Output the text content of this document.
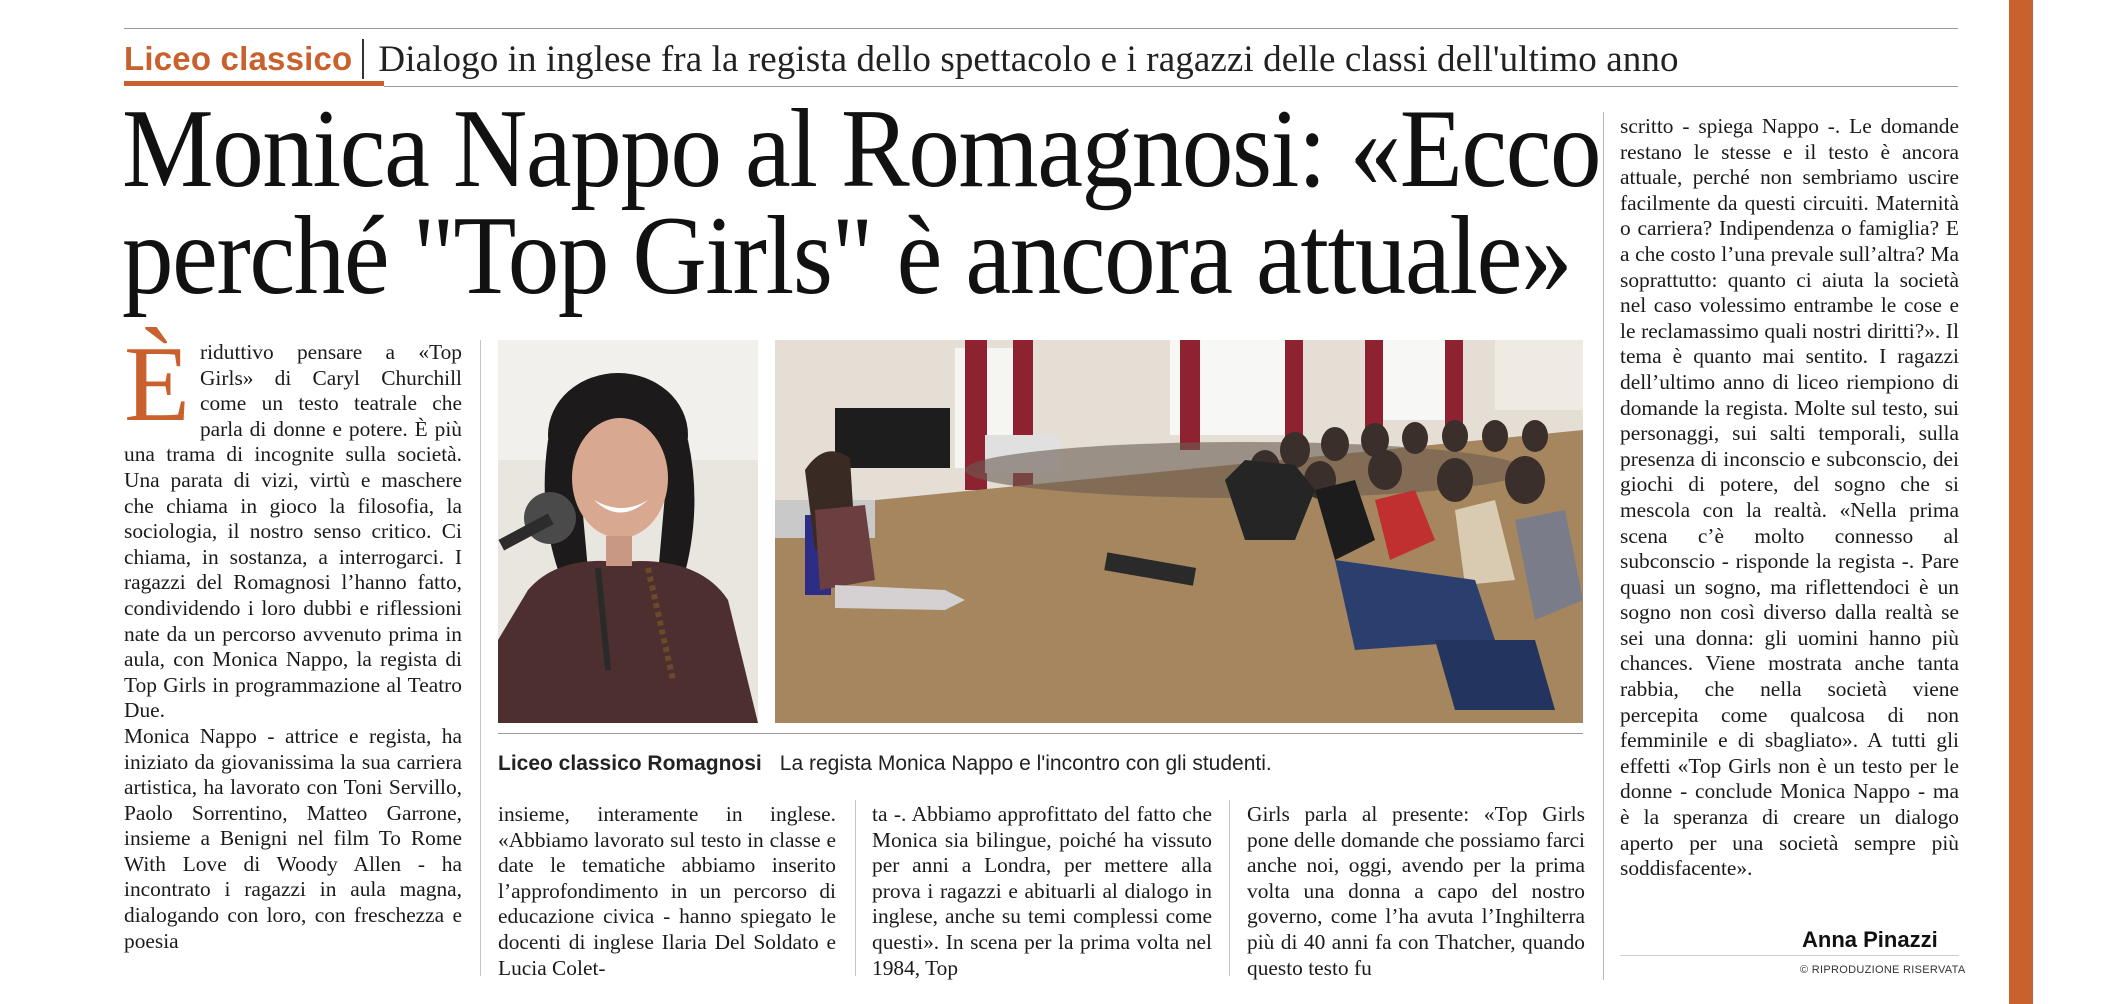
Liceo classico Dialogo in inglese fra la regista dello spettacolo e i ragazzi delle classi dell'ultimo anno
Monica Nappo al Romagnosi: «Ecco
perché "Top Girls" è ancora attuale»

È riduttivo pensare a «Top Girls» di Caryl Churchill come un testo teatrale che parla di donne e potere. È più una trama di incognite sulla società. Una parata di vizi, virtù e maschere che chiama in gioco la filosofia, la sociologia, il nostro senso critico. Ci chiama, in sostanza, a interrogarci. I ragazzi del Romagnosi l’hanno fatto, condividendo i loro dubbi e riflessioni nate da un percorso avvenuto prima in aula, con Monica Nappo, la regista di Top Girls in programmazione al Teatro Due.

Monica Nappo - attrice e regista, ha iniziato da giovanissima la sua carriera artistica, ha lavorato con Toni Servillo, Paolo Sorrentino, Matteo Garrone, insieme a Benigni nel film To Rome With Love di Woody Allen - ha incontrato i ragazzi in aula magna, dialogando con loro, con freschezza e poesia

Liceo classico Romagnosi La regista Monica Nappo e l'incontro con gli studenti.
insieme, interamente in inglese. «Abbiamo lavorato sul testo in classe e date le tematiche abbiamo inserito l’approfondimento in un percorso di educazione civica - hanno spiegato le docenti di inglese Ilaria Del Soldato e Lucia Colet-
ta -. Abbiamo approfittato del fatto che Monica sia bilingue, poiché ha vissuto per anni a Londra, per mettere alla prova i ragazzi e abituarli al dialogo in inglese, anche su temi complessi come questi». In scena per la prima volta nel 1984, Top
Girls parla al presente: «Top Girls pone delle domande che possiamo farci anche noi, oggi, avendo per la prima volta una donna a capo del nostro governo, come l’ha avuta l’Inghilterra più di 40 anni fa con Thatcher, quando questo testo fu
scritto - spiega Nappo -. Le domande restano le stesse e il testo è ancora attuale, perché non sembriamo uscire facilmente da questi circuiti. Maternità o carriera? Indipendenza o famiglia? E a che costo l’una prevale sull’altra? Ma soprattutto: quanto ci aiuta la società nel caso volessimo entrambe le cose e le reclamassimo quali nostri diritti?». Il tema è quanto mai sentito. I ragazzi dell’ultimo anno di liceo riempiono di domande la regista. Molte sul testo, sui personaggi, sui salti temporali, sulla presenza di inconscio e subconscio, dei giochi di potere, del sogno che si mescola con la realtà. «Nella prima scena c’è molto connesso al subconscio - risponde la regista -. Pare quasi un sogno, ma riflettendoci è un sogno non così diverso dalla realtà se sei una donna: gli uomini hanno più chances. Viene mostrata anche tanta rabbia, che nella società viene percepita come qualcosa di non femminile e di sbagliato». A tutti gli effetti «Top Girls non è un testo per le donne - conclude Monica Nappo - ma è la speranza di creare un dialogo aperto per una società sempre più soddisfacente».
Anna Pinazzi
© RIPRODUZIONE RISERVATA
